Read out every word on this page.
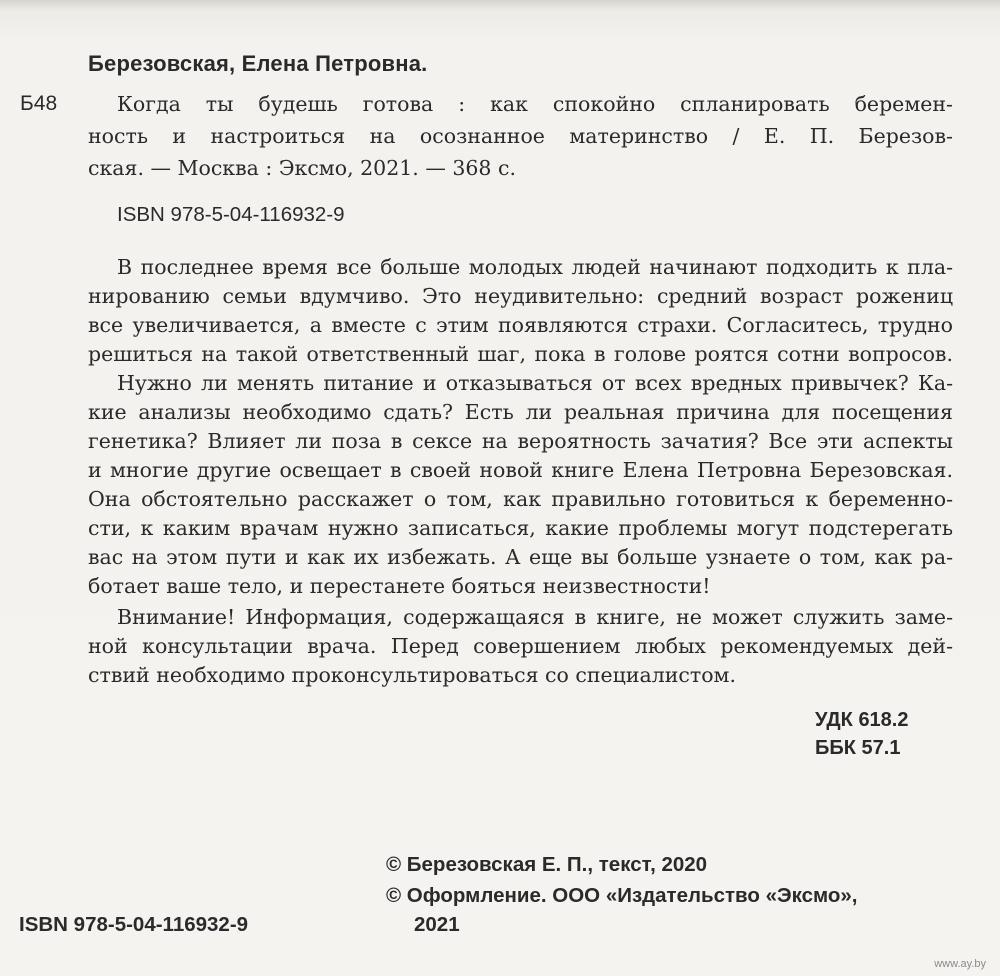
Березовская, Елена Петровна.
Б48	Когда ты будешь готова : как спокойно спланировать беремен-
ность и настроиться на осознанное материнство / Е. П. Березов-
ская. — Москва : Эксмо, 2021. — 368 с.
ISBN 978-5-04-116932-9
В последнее время все больше молодых людей начинают подходить к пла-
нированию семьи вдумчиво. Это неудивительно: средний возраст рожениц
все увеличивается, а вместе с этим появляются страхи. Согласитесь, трудно
решиться на такой ответственный шаг, пока в голове роятся сотни вопросов.
Нужно ли менять питание и отказываться от всех вредных привычек? Ка-
кие анализы необходимо сдать? Есть ли реальная причина для посещения
генетика? Влияет ли поза в сексе на вероятность зачатия? Все эти аспекты
и многие другие освещает в своей новой книге Елена Петровна Березовская.
Она обстоятельно расскажет о том, как правильно готовиться к беременно-
сти, к каким врачам нужно записаться, какие проблемы могут подстерегать
вас на этом пути и как их избежать. А еще вы больше узнаете о том, как ра-
ботает ваше тело, и перестанете бояться неизвестности!
Внимание! Информация, содержащаяся в книге, не может служить заме-
ной консультации врача. Перед совершением любых рекомендуемых дей-
ствий необходимо проконсультироваться со специалистом.
УДК 618.2
ББК 57.1
© Березовская Е. П., текст, 2020
© Оформление. ООО «Издательство «Эксмо»,
2021
ISBN 978-5-04-116932-9
www.ay.by
